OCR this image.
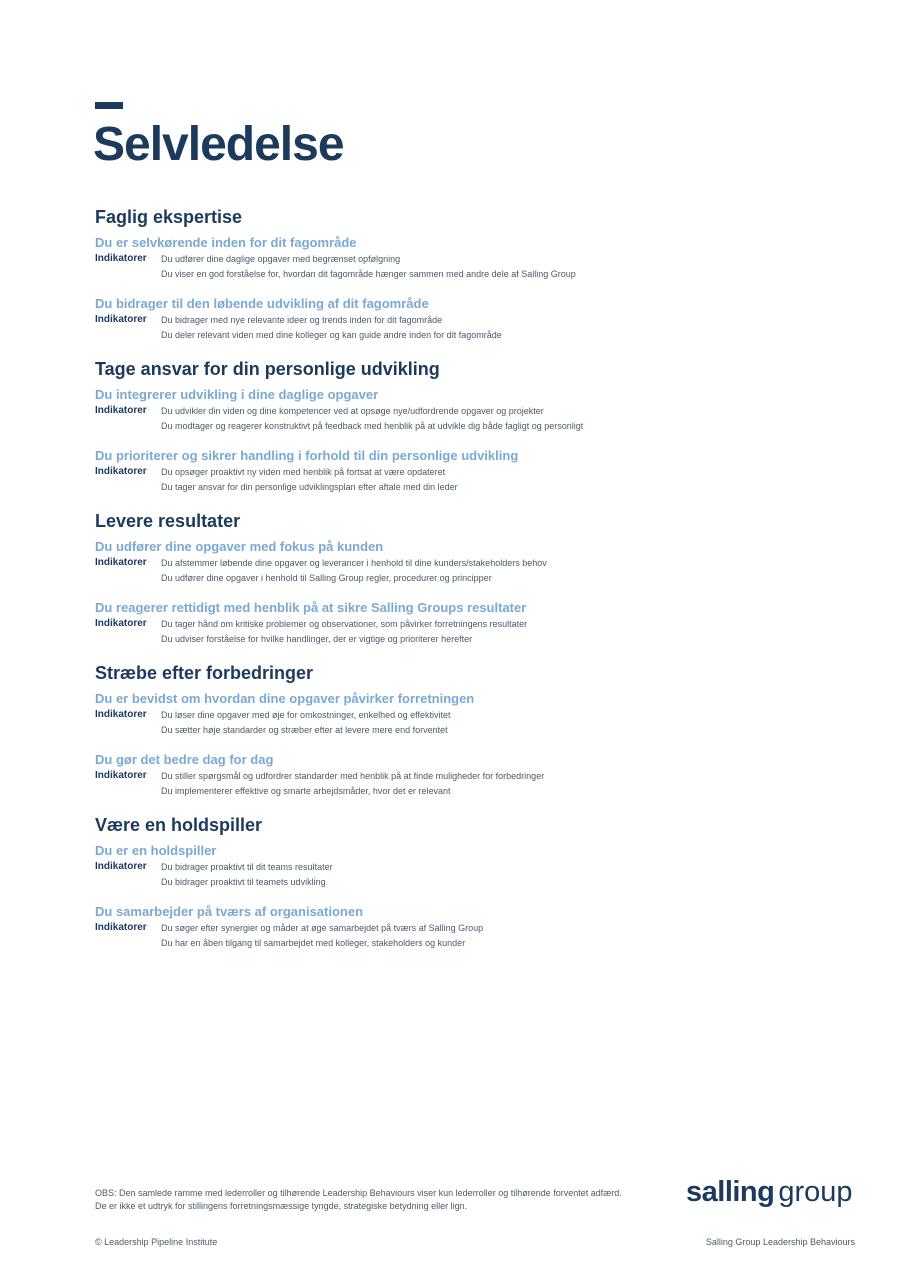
Selvledelse
Faglig ekspertise
Du er selvkørende inden for dit fagområde
Indikatorer	Du udfører dine daglige opgaver med begrænset opfølgning
Du viser en god forståelse for, hvordan dit fagområde hænger sammen med andre dele af Salling Group
Du bidrager til den løbende udvikling af dit fagområde
Indikatorer	Du bidrager med nye relevante ideer og trends inden for dit fagområde
Du deler relevant viden med dine kolleger og kan guide andre inden for dit fagområde
Tage ansvar for din personlige udvikling
Du integrerer udvikling i dine daglige opgaver
Indikatorer	Du udvikler din viden og dine kompetencer ved at opsøge nye/udfordrende opgaver og projekter
Du modtager og reagerer konstruktivt på feedback med henblik på at udvikle dig både fagligt og personligt
Du prioriterer og sikrer handling i forhold til din personlige udvikling
Indikatorer	Du opsøger proaktivt ny viden med henblik på fortsat at være opdateret
Du tager ansvar for din personlige udviklingsplan efter aftale med din leder
Levere resultater
Du udfører dine opgaver med fokus på kunden
Indikatorer	Du afstemmer løbende dine opgaver og leverancer i henhold til dine kunders/stakeholders behov
Du udfører dine opgaver i henhold til Salling Group regler, procedurer og principper
Du reagerer rettidigt med henblik på at sikre Salling Groups resultater
Indikatorer	Du tager hånd om kritiske problemer og observationer, som påvirker forretningens resultater
Du udviser forståelse for hvilke handlinger, der er vigtige og prioriterer herefter
Stræbe efter forbedringer
Du er bevidst om hvordan dine opgaver påvirker forretningen
Indikatorer	Du løser dine opgaver med øje for omkostninger, enkelhed og effektivitet
Du sætter høje standarder og stræber efter at levere mere end forventet
Du gør det bedre dag for dag
Indikatorer	Du stiller spørgsmål og udfordrer standarder med henblik på at finde muligheder for forbedringer
Du implementerer effektive og smarte arbejdsmåder, hvor det er relevant
Være en holdspiller
Du er en holdspiller
Indikatorer	Du bidrager proaktivt til dit teams resultater
Du bidrager proaktivt til teamets udvikling
Du samarbejder på tværs af organisationen
Indikatorer	Du søger efter synergier og måder at øge samarbejdet på tværs af Salling Group
Du har en åben tilgang til samarbejdet med kolleger, stakeholders og kunder
OBS: Den samlede ramme med lederroller og tilhørende Leadership Behaviours viser kun lederroller og tilhørende forventet adfærd.
De er ikke et udtryk for stillingens forretningsmæssige tyngde, strategiske betydning eller lign.	salling group
© Leadership Pipeline Institute	Salling Group Leadership Behaviours
